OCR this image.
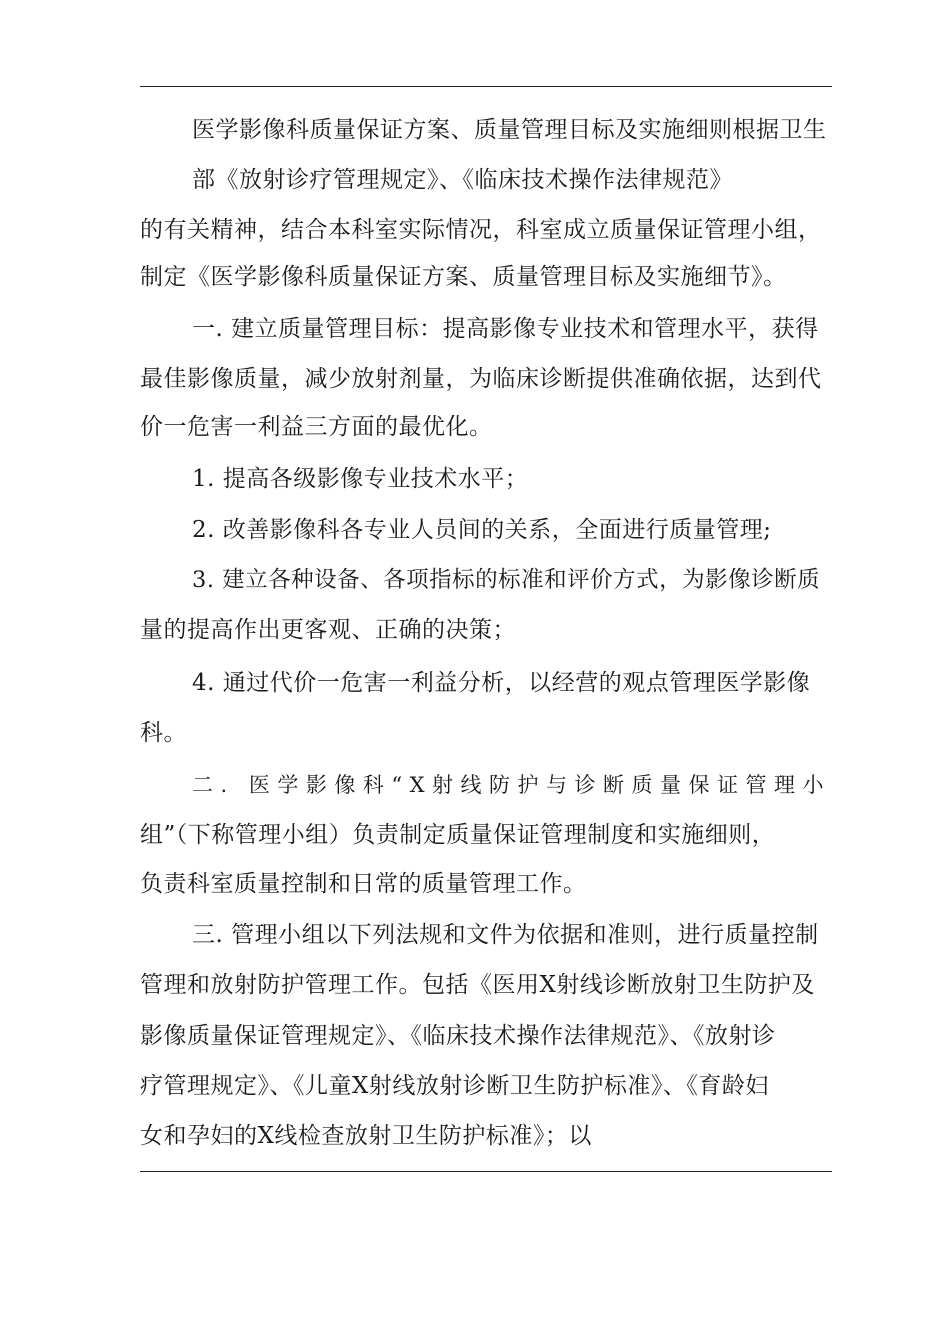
医学影像科质量保证方案、质量管理目标及实施细则根据卫生
部《放射诊疗管理规定》、《临床技术操作法律规范》
的有关精神，结合本科室实际情况，科室成立质量保证管理小组，
制定《医学影像科质量保证方案、质量管理目标及实施细节》。
一. 建立质量管理目标：提高影像专业技术和管理水平，获得
最佳影像质量，减少放射剂量，为临床诊断提供准确依据，达到代
价一危害一利益三方面的最优化。
1. 提高各级影像专业技术水平；
2. 改善影像科各专业人员间的关系，全面进行质量管理;
3. 建立各种设备、各项指标的标准和评价方式，为影像诊断质
量的提高作出更客观、正确的决策；
4. 通过代价一危害一利益分析，以经营的观点管理医学影像
科。
二. 医学影像科“X射线防护与诊断质量保证管理小
组”（下称管理小组）负责制定质量保证管理制度和实施细则，
负责科室质量控制和日常的质量管理工作。
三. 管理小组以下列法规和文件为依据和准则，进行质量控制
管理和放射防护管理工作。包括《医用X射线诊断放射卫生防护及
影像质量保证管理规定》、《临床技术操作法律规范》、《放射诊
疗管理规定》、《儿童X射线放射诊断卫生防护标准》、《育龄妇
女和孕妇的X线检查放射卫生防护标准》；以
